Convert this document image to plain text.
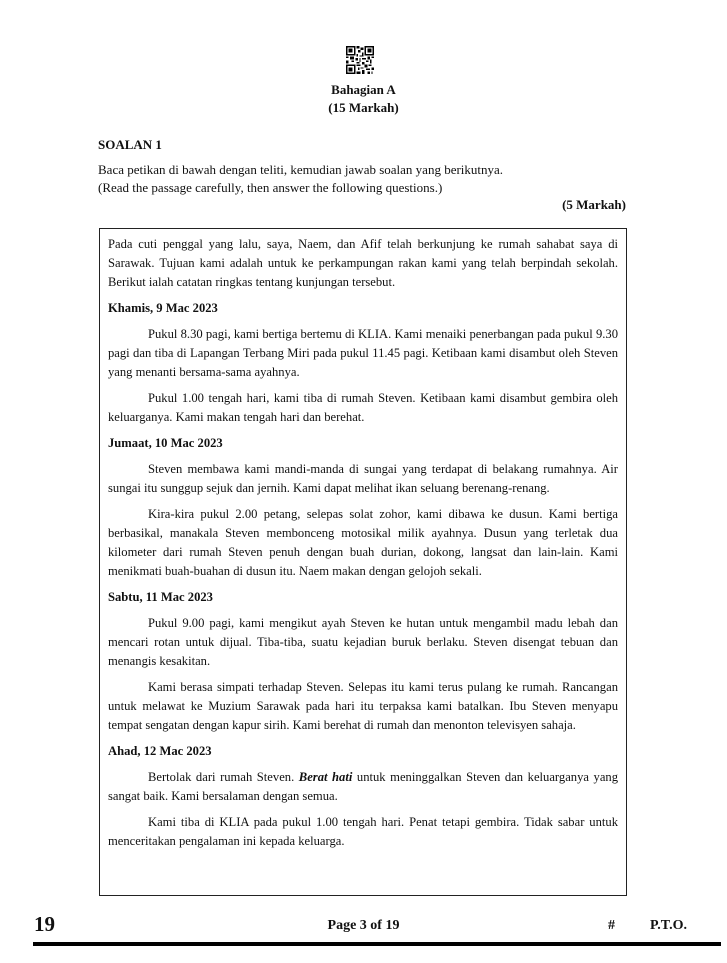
Bahagian A
(15 Markah)
SOALAN 1
Baca petikan di bawah dengan teliti, kemudian jawab soalan yang berikutnya.
(Read the passage carefully, then answer the following questions.)
(5 Markah)

Pada cuti penggal yang lalu, saya, Naem, dan Afif telah berkunjung ke rumah sahabat saya di Sarawak. Tujuan kami adalah untuk ke perkampungan rakan kami yang telah berpindah sekolah. Berikut ialah catatan ringkas tentang kunjungan tersebut.

Khamis, 9 Mac 2023

Pukul 8.30 pagi, kami bertiga bertemu di KLIA. Kami menaiki penerbangan pada pukul 9.30 pagi dan tiba di Lapangan Terbang Miri pada pukul 11.45 pagi. Ketibaan kami disambut oleh Steven yang menanti bersama-sama ayahnya.

Pukul 1.00 tengah hari, kami tiba di rumah Steven. Ketibaan kami disambut gembira oleh keluarganya. Kami makan tengah hari dan berehat.

Jumaat, 10 Mac 2023

Steven membawa kami mandi-manda di sungai yang terdapat di belakang rumahnya. Air sungai itu sunggup sejuk dan jernih. Kami dapat melihat ikan seluang berenang-renang.

Kira-kira pukul 2.00 petang, selepas solat zohor, kami dibawa ke dusun. Kami bertiga berbasikal, manakala Steven membonceng motosikal milik ayahnya. Dusun yang terletak dua kilometer dari rumah Steven penuh dengan buah durian, dokong, langsat dan lain-lain. Kami menikmati buah-buahan di dusun itu. Naem makan dengan gelojoh sekali.

Sabtu, 11 Mac 2023

Pukul 9.00 pagi, kami mengikut ayah Steven ke hutan untuk mengambil madu lebah dan mencari rotan untuk dijual. Tiba-tiba, suatu kejadian buruk berlaku. Steven disengat tebuan dan menangis kesakitan.

Kami berasa simpati terhadap Steven. Selepas itu kami terus pulang ke rumah. Rancangan untuk melawat ke Muzium Sarawak pada hari itu terpaksa kami batalkan. Ibu Steven menyapu tempat sengatan dengan kapur sirih. Kami berehat di rumah dan menonton televisyen sahaja.

Ahad, 12 Mac 2023

Bertolak dari rumah Steven. Berat hati untuk meninggalkan Steven dan keluarganya yang sangat baik. Kami bersalaman dengan semua.

Kami tiba di KLIA pada pukul 1.00 tengah hari. Penat tetapi gembira. Tidak sabar untuk menceritakan pengalaman ini kepada keluarga.

19	Page 3 of 19	#	P.T.O.
